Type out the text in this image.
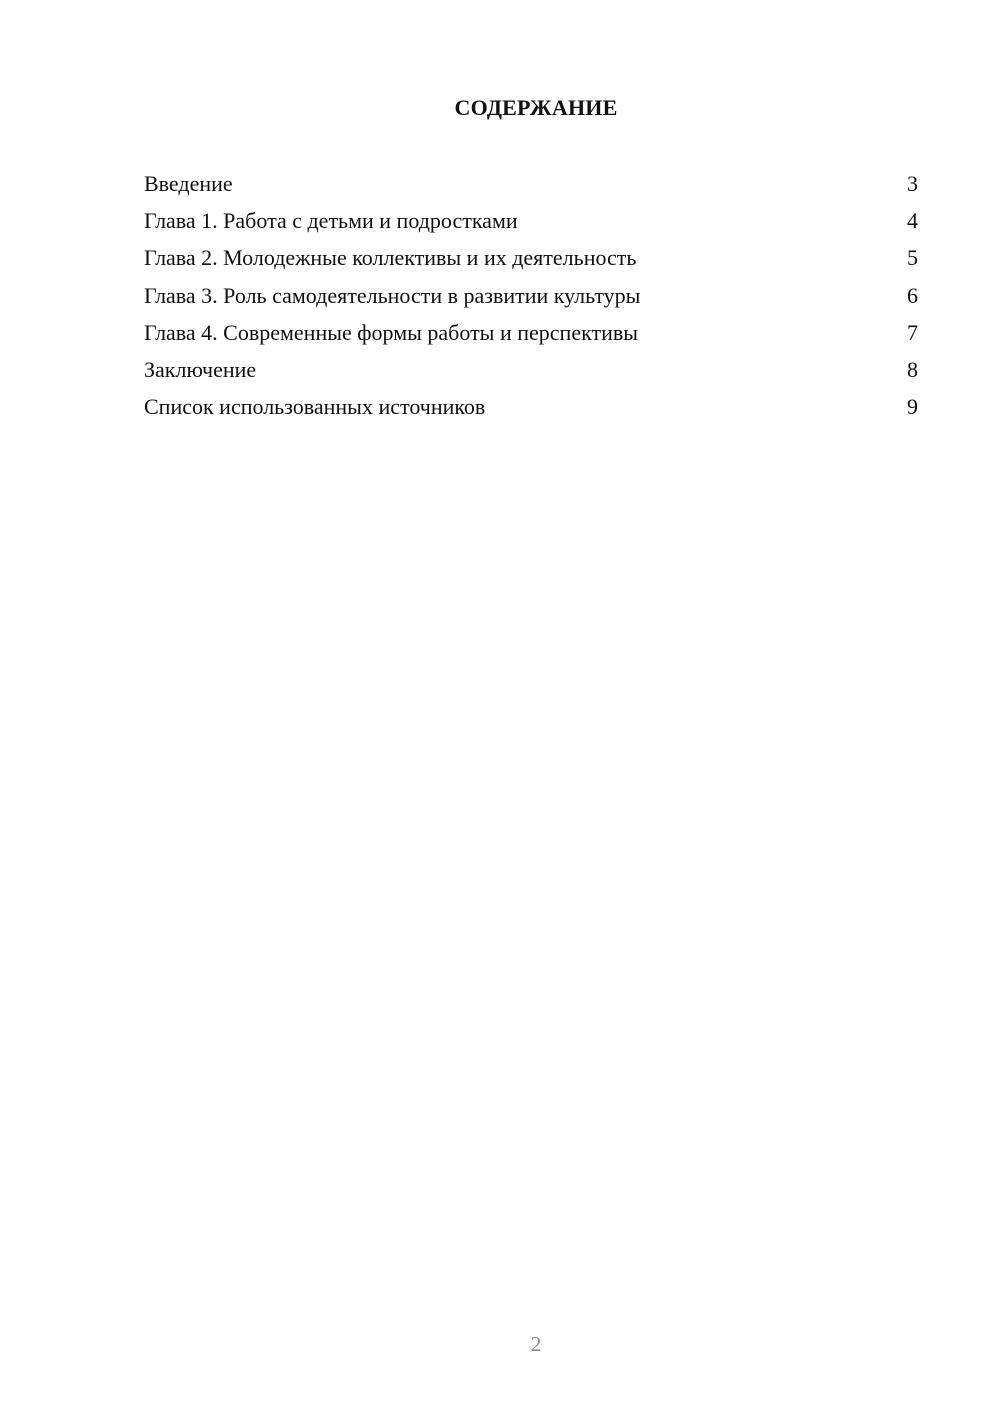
СОДЕРЖАНИЕ
Введение	3
Глава 1. Работа с детьми и подростками	4
Глава 2. Молодежные коллективы и их деятельность	5
Глава 3. Роль самодеятельности в развитии культуры	6
Глава 4. Современные формы работы и перспективы	7
Заключение	8
Список использованных источников	9

2
